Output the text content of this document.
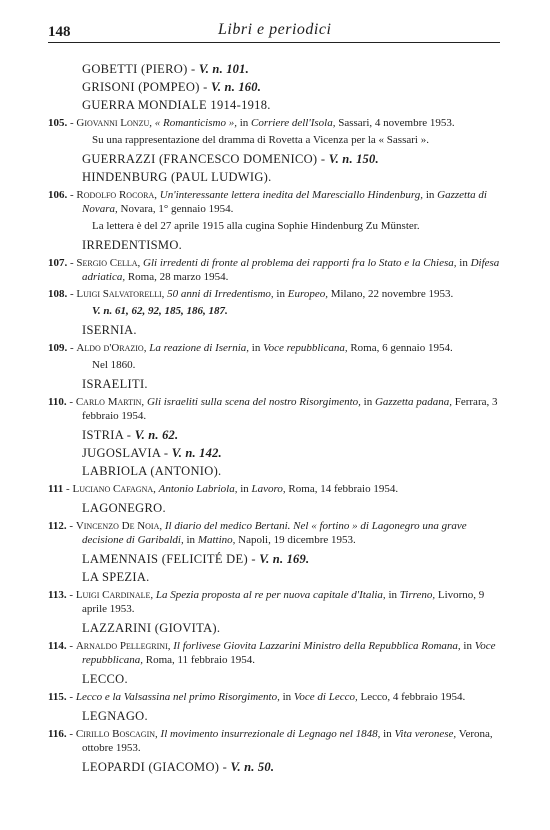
148	Libri e periodici
GOBETTI (PIERO) - V. n. 101.
GRISONI (POMPEO) - V. n. 160.
GUERRA MONDIALE 1914-1918.
105. - Giovanni Lonzu, « Romanticismo », in Corriere dell'Isola, Sassari, 4 novembre 1953.
Su una rappresentazione del dramma di Rovetta a Vicenza per la « Sassari ».
GUERRAZZI (FRANCESCO DOMENICO) - V. n. 150.
HINDENBURG (PAUL LUDWIG).
106. - Rodolfo Rocora, Un'interessante lettera inedita del Maresciallo Hindenburg, in Gazzetta di Novara, Novara, 1° gennaio 1954.
La lettera è del 27 aprile 1915 alla cugina Sophie Hindenburg Zu Münster.
IRREDENTISMO.
107. - Sergio Cella, Gli irredenti di fronte al problema dei rapporti fra lo Stato e la Chiesa, in Difesa adriatica, Roma, 28 marzo 1954.
108. - Luigi Salvatorelli, 50 anni di Irredentismo, in Europeo, Milano, 22 novembre 1953.
V. n. 61, 62, 92, 185, 186, 187.
ISERNIA.
109. - Aldo d'Orazio, La reazione di Isernia, in Voce repubblicana, Roma, 6 gennaio 1954.
Nel 1860.
ISRAELITI.
110. - Carlo Martin, Gli israeliti sulla scena del nostro Risorgimento, in Gazzetta padana, Ferrara, 3 febbraio 1954.
ISTRIA - V. n. 62.
JUGOSLAVIA - V. n. 142.
LABRIOLA (ANTONIO).
111 - Luciano Cafagna, Antonio Labriola, in Lavoro, Roma, 14 febbraio 1954.
LAGONEGRO.
112. - Vincenzo De Noia, Il diario del medico Bertani. Nel « fortino » di Lagonegro una grave decisione di Garibaldi, in Mattino, Napoli, 19 dicembre 1953.
LAMENNAIS (FELICITÉ DE) - V. n. 169.
LA SPEZIA.
113. - Luigi Cardinale, La Spezia proposta al re per nuova capitale d'Italia, in Tirreno, Livorno, 9 aprile 1953.
LAZZARINI (GIOVITA).
114. - Arnaldo Pellegrini, Il forlivese Giovita Lazzarini Ministro della Repubblica Romana, in Voce repubblicana, Roma, 11 febbraio 1954.
LECCO.
115. - Lecco e la Valsassina nel primo Risorgimento, in Voce di Lecco, Lecco, 4 febbraio 1954.
LEGNAGO.
116. - Cirillo Boscagin, Il movimento insurrezionale di Legnago nel 1848, in Vita veronese, Verona, ottobre 1953.
LEOPARDI (GIACOMO) - V. n. 50.
